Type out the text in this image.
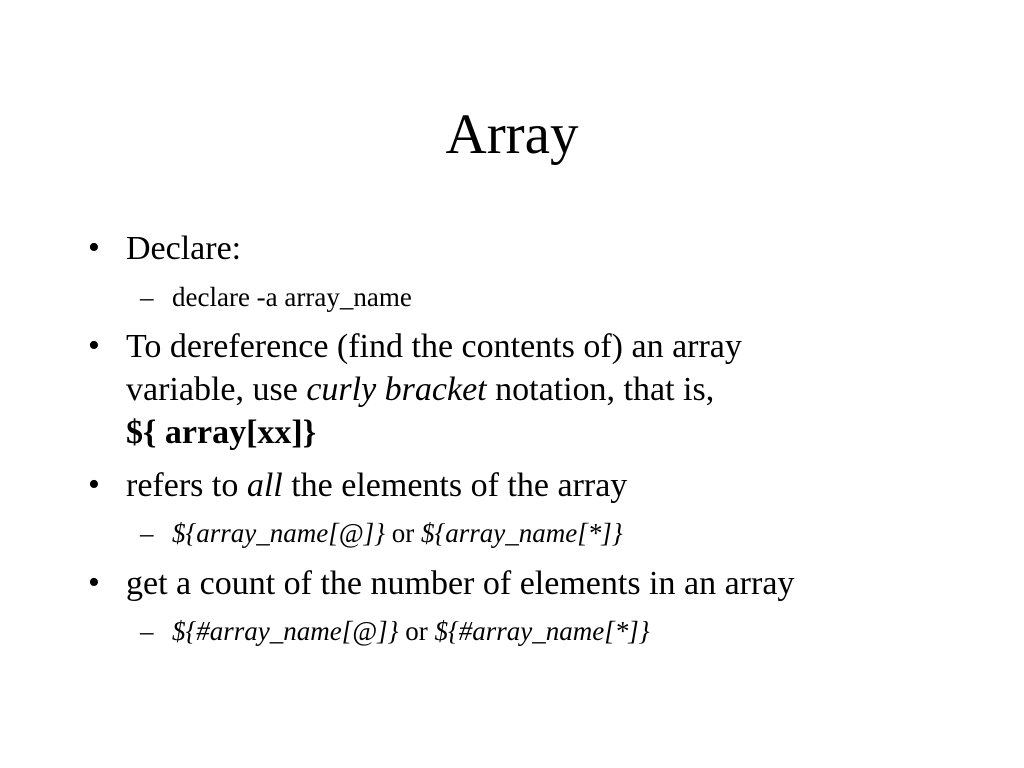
Array
• Declare:
– declare -a array_name
• To dereference (find the contents of) an array
variable, use curly bracket notation, that is,
${ array[xx]}
• refers to all the elements of the array
– ${array_name[@]} or ${array_name[*]}
• get a count of the number of elements in an array
– ${#array_name[@]} or ${#array_name[*]}
